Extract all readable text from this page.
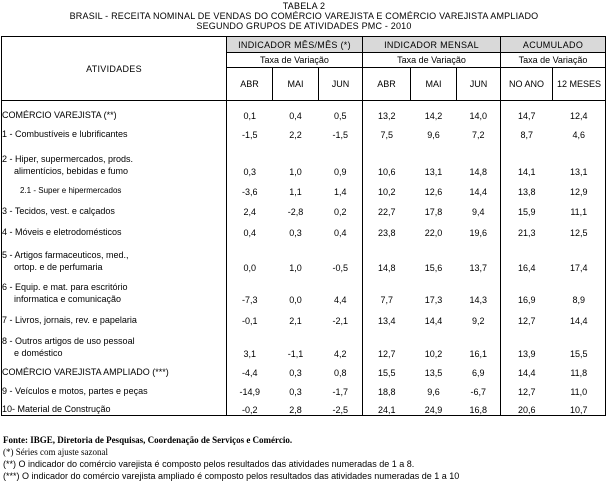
TABELA 2
BRASIL - RECEITA NOMINAL DE VENDAS DO COMÉRCIO VAREJISTA E COMÉRCIO VAREJISTA AMPLIADO
SEGUNDO GRUPOS DE ATIVIDADES PMC - 2010
ATIVIDADES	INDICADOR MÊS/MÊS (*)			INDICADOR MENSAL			ACUMULADO	
	Taxa de Variação			Taxa de Variação			Taxa de Variação	
	ABR	MAI	JUN	ABR	MAI	JUN	NO ANO	12 MESES

COMÉRCIO VAREJISTA (**)	0,1	0,4	0,5	13,2	14,2	14,0	14,7	12,4

1 - Combustíveis e lubrificantes	-1,5	2,2	-1,5	7,5	9,6	7,2	8,7	4,6

2 - Hiper, supermercados, prods.
alimentícios, bebidas e fumo	0,3	1,0	0,9	10,6	13,1	14,8	14,1	13,1

2.1 - Super e hipermercados	-3,6	1,1	1,4	10,2	12,6	14,4	13,8	12,9

3 - Tecidos, vest. e calçados	2,4	-2,8	0,2	22,7	17,8	9,4	15,9	11,1

4 - Móveis e eletrodomésticos	0,4	0,3	0,4	23,8	22,0	19,6	21,3	12,5

5 - Artigos farmaceuticos, med.,
ortop. e de perfumaria	0,0	1,0	-0,5	14,8	15,6	13,7	16,4	17,4

6 - Equip. e mat. para escritório
informatica e comunicação	-7,3	0,0	4,4	7,7	17,3	14,3	16,9	8,9

7 - Livros, jornais, rev. e papelaria	-0,1	2,1	-2,1	13,4	14,4	9,2	12,7	14,4

8 - Outros artigos de uso pessoal
e doméstico	3,1	-1,1	4,2	12,7	10,2	16,1	13,9	15,5

COMÉRCIO VAREJISTA AMPLIADO (***)	-4,4	0,3	0,8	15,5	13,5	6,9	14,4	11,8

9 - Veículos e motos, partes e peças	-14,9	0,3	-1,7	18,8	9,6	-6,7	12,7	11,0

10- Material de Construção	-0,2	2,8	-2,5	24,1	24,9	16,8	20,6	10,7
Fonte: IBGE, Diretoria de Pesquisas, Coordenação de Serviços e Comércio.
(*) Séries com ajuste sazonal
(**) O indicador do comércio varejista é composto pelos resultados das atividades numeradas de 1 a 8.
(***) O indicador do comércio varejista ampliado é composto pelos resultados das atividades numeradas de 1 a 10
